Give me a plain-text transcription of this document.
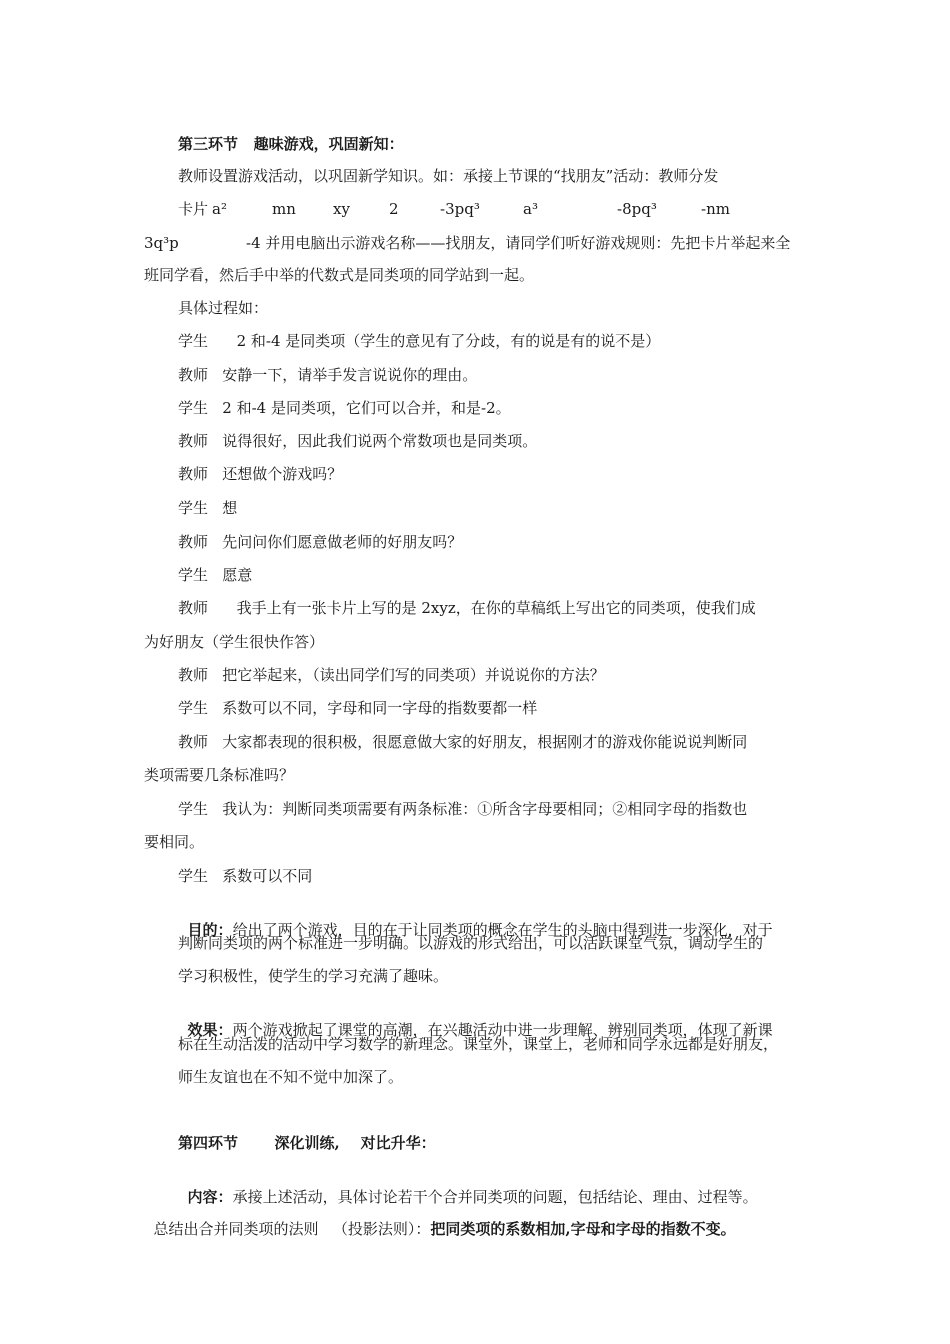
第三环节   趣味游戏，巩固新知：
教师设置游戏活动，以巩固新学知识。如：承接上节课的“找朋友”活动：教师分发
卡片 a²	mn xy	2	-3pq³	a³	-8pq³	-nm
3q³p	-4 并用电脑出示游戏名称——找朋友，请同学们听好游戏规则：先把卡片举起来全
班同学看，然后手中举的代数式是同类项的同学站到一起。
具体过程如：
学生      2 和-4 是同类项（学生的意见有了分歧，有的说是有的说不是）
教师   安静一下，请举手发言说说你的理由。
学生   2 和-4 是同类项，它们可以合并，和是-2。
教师   说得很好，因此我们说两个常数项也是同类项。
教师   还想做个游戏吗？
学生   想
教师   先问问你们愿意做老师的好朋友吗？
学生   愿意
教师      我手上有一张卡片上写的是 2xyz，在你的草稿纸上写出它的同类项，使我们成
为好朋友（学生很快作答）
教师   把它举起来，（读出同学们写的同类项）并说说你的方法？
学生   系数可以不同，字母和同一字母的指数要都一样
教师   大家都表现的很积极，很愿意做大家的好朋友，根据刚才的游戏你能说说判断同
类项需要几条标准吗？
学生   我认为：判断同类项需要有两条标准：①所含字母要相同；②相同字母的指数也
要相同。
学生   系数可以不同

目的：给出了两个游戏，目的在于让同类项的概念在学生的头脑中得到进一步深化，对于

判断同类项的两个标准进一步明确。以游戏的形式给出，可以活跃课堂气氛，调动学生的
学习积极性，使学生的学习充满了趣味。

效果：两个游戏掀起了课堂的高潮，在兴趣活动中进一步理解、辨别同类项，体现了新课

标在生动活泼的活动中学习数学的新理念。课堂外，课堂上，老师和同学永远都是好朋友，
师生友谊也在不知不觉中加深了。
第四环节       深化训练,    对比升华：

内容：承接上述活动，具体讨论若干个合并同类项的问题，包括结论、理由、过程等。

总结出合并同类项的法则   （投影法则）：把同类项的系数相加,字母和字母的指数不变。
